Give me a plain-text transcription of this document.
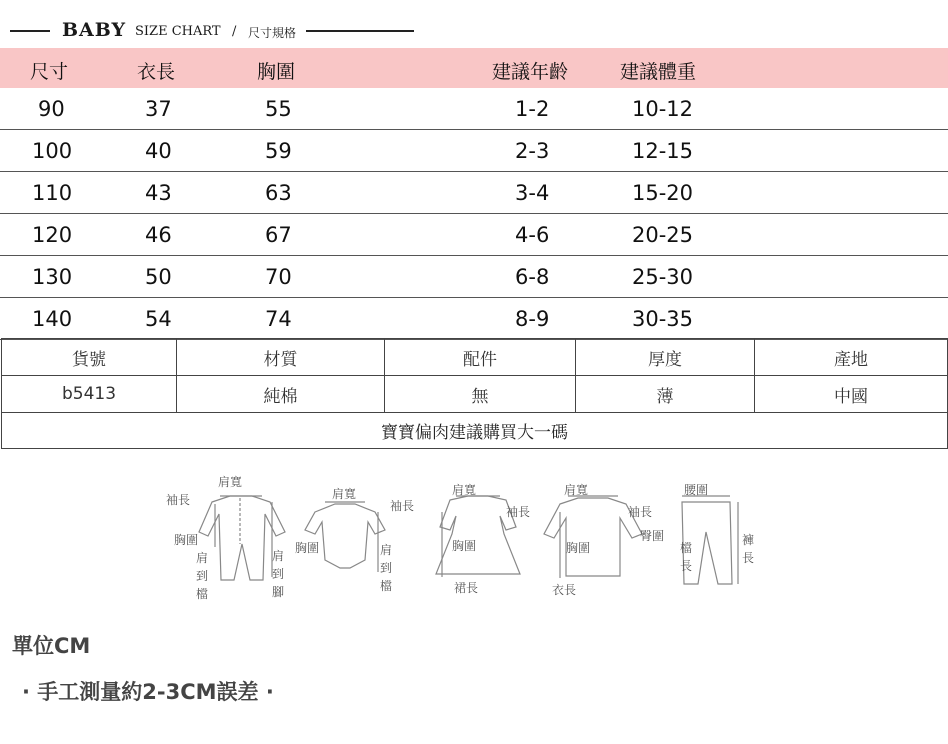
BABY SIZE CHART / 尺寸規格
尺寸	衣長	胸圍	建議年齡	建議體重
90	37	55	1-2	10-12
100	40	59	2-3	12-15
110	43	63	3-4	15-20
120	46	67	4-6	20-25
130	50	70	6-8	25-30
140	54	74	8-9	30-35
貨號	材質	配件	厚度	產地
b5413	純棉	無	薄	中國
寶寶偏肉建議購買大一碼				
肩寬
袖長
胸圍
肩
到
檔
肩
到
腳
肩寬
袖長
胸圍	肩
到
檔
肩寬
袖長
胸圍
裙長
肩寬
袖長
胸圍
衣長
腰圍
臀圍
檔
長
褲
長
單位CM
· 手工測量約2-3CM誤差 ·
